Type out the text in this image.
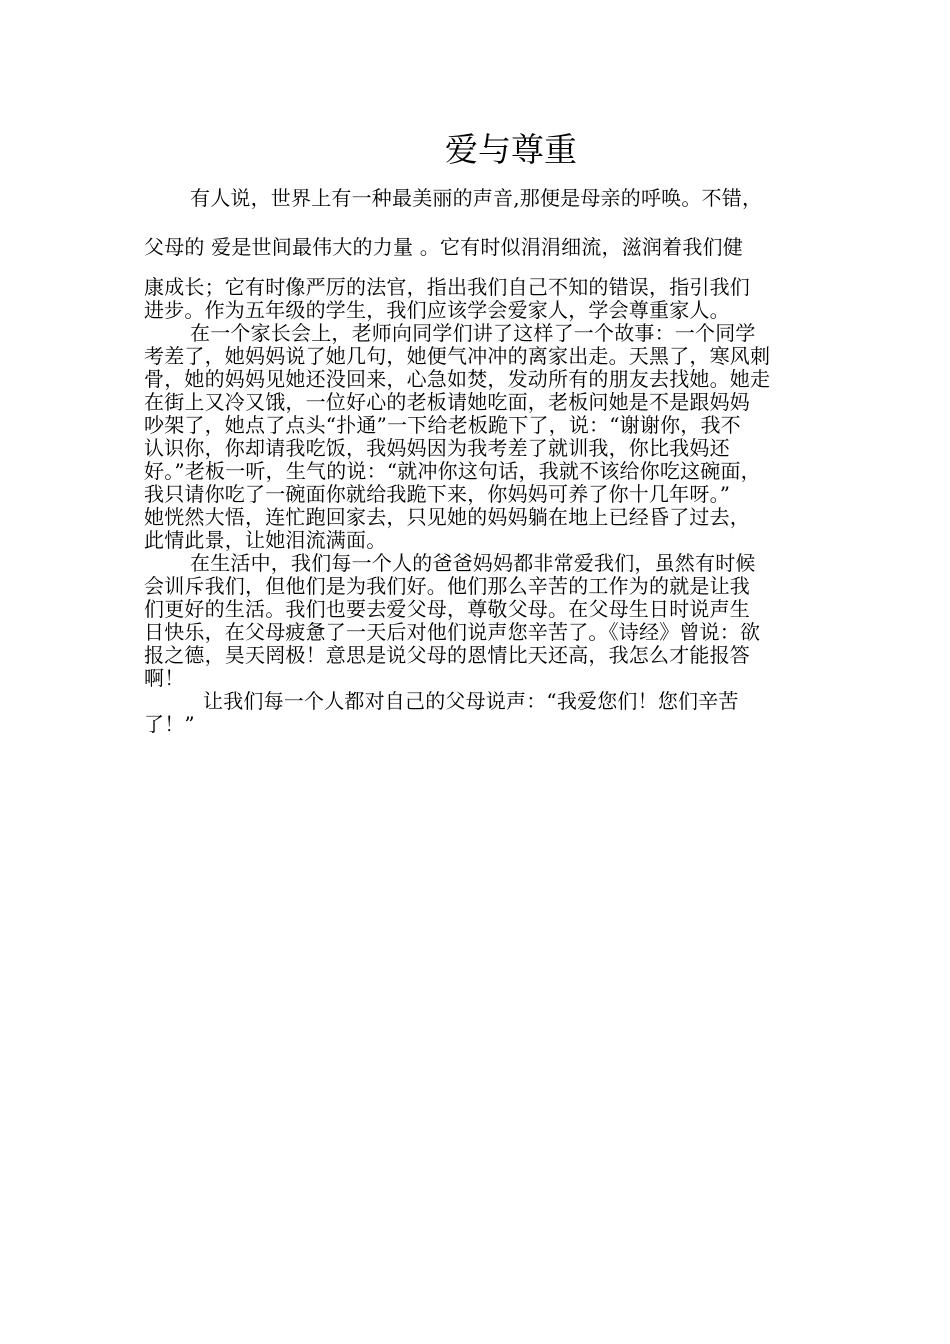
爱与尊重
有人说，世界上有一种最美丽的声音,那便是母亲的呼唤。不错，
父母的 爱是世间最伟大的力量 。它有时似涓涓细流，滋润着我们健
康成长；它有时像严厉的法官，指出我们自己不知的错误，指引我们
进步。作为五年级的学生，我们应该学会爱家人，学会尊重家人。
在一个家长会上，老师向同学们讲了这样了一个故事：一个同学
考差了，她妈妈说了她几句，她便气冲冲的离家出走。天黑了，寒风刺
骨，她的妈妈见她还没回来，心急如焚，发动所有的朋友去找她。她走
在街上又冷又饿，一位好心的老板请她吃面，老板问她是不是跟妈妈
吵架了，她点了点头“扑通”一下给老板跪下了，说：“谢谢你，我不
认识你，你却请我吃饭，我妈妈因为我考差了就训我，你比我妈还
好。”老板一听，生气的说：“就冲你这句话，我就不该给你吃这碗面，
我只请你吃了一碗面你就给我跪下来，你妈妈可养了你十几年呀。”
她恍然大悟，连忙跑回家去，只见她的妈妈躺在地上已经昏了过去，
此情此景，让她泪流满面。
在生活中，我们每一个人的爸爸妈妈都非常爱我们，虽然有时候
会训斥我们，但他们是为我们好。他们那么辛苦的工作为的就是让我
们更好的生活。我们也要去爱父母，尊敬父母。在父母生日时说声生
日快乐，在父母疲惫了一天后对他们说声您辛苦了。《诗经》曾说：欲
报之德，昊天罔极！意思是说父母的恩情比天还高，我怎么才能报答
啊！
让我们每一个人都对自己的父母说声：“我爱您们！您们辛苦
了！”
